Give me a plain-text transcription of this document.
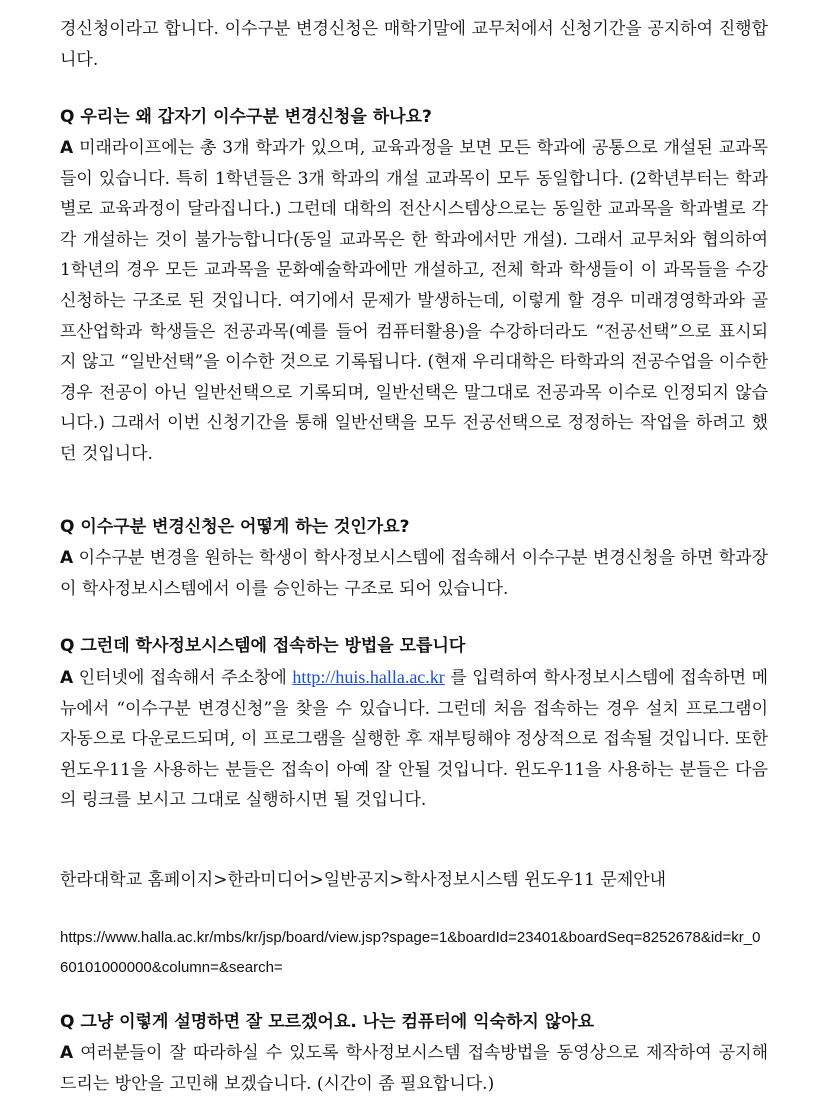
경신청이라고 합니다. 이수구분 변경신청은 매학기말에 교무처에서 신청기간을 공지하여 진행합니다.

Q 우리는 왜 갑자기 이수구분 변경신청을 하나요?

A 미래라이프에는 총 3개 학과가 있으며, 교육과정을 보면 모든 학과에 공통으로 개설된 교과목들이 있습니다. 특히 1학년들은 3개 학과의 개설 교과목이 모두 동일합니다. (2학년부터는 학과별로 교육과정이 달라집니다.) 그런데 대학의 전산시스템상으로는 동일한 교과목을 학과별로 각각 개설하는 것이 불가능합니다(동일 교과목은 한 학과에서만 개설). 그래서 교무처와 협의하여 1학년의 경우 모든 교과목을 문화예술학과에만 개설하고, 전체 학과 학생들이 이 과목들을 수강신청하는 구조로 된 것입니다. 여기에서 문제가 발생하는데, 이렇게 할 경우 미래경영학과와 골프산업학과 학생들은 전공과목(예를 들어 컴퓨터활용)을 수강하더라도 “전공선택”으로 표시되지 않고 “일반선택”을 이수한 것으로 기록됩니다. (현재 우리대학은 타학과의 전공수업을 이수한 경우 전공이 아닌 일반선택으로 기록되며, 일반선택은 말그대로 전공과목 이수로 인정되지 않습니다.) 그래서 이번 신청기간을 통해 일반선택을 모두 전공선택으로 정정하는 작업을 하려고 했던 것입니다.

Q 이수구분 변경신청은 어떻게 하는 것인가요?

A 이수구분 변경을 원하는 학생이 학사정보시스템에 접속해서 이수구분 변경신청을 하면 학과장이 학사정보시스템에서 이를 승인하는 구조로 되어 있습니다.

Q 그런데 학사정보시스템에 접속하는 방법을 모릅니다

A 인터넷에 접속해서 주소창에 http://huis.halla.ac.kr 를 입력하여 학사정보시스템에 접속하면 메뉴에서 “이수구분 변경신청”을 찾을 수 있습니다. 그런데 처음 접속하는 경우 설치 프로그램이 자동으로 다운로드되며, 이 프로그램을 실행한 후 재부팅해야 정상적으로 접속될 것입니다. 또한 윈도우11을 사용하는 분들은 접속이 아예 잘 안될 것입니다. 윈도우11을 사용하는 분들은 다음의 링크를 보시고 그대로 실행하시면 될 것입니다.

한라대학교 홈페이지>한라미디어>일반공지>학사정보시스템 윈도우11 문제안내

https://www.halla.ac.kr/mbs/kr/jsp/board/view.jsp?spage=1&boardId=23401&boardSeq=8252678&id=kr_060101000000&column=&search=

Q 그냥 이렇게 설명하면 잘 모르겠어요. 나는 컴퓨터에 익숙하지 않아요

A 여러분들이 잘 따라하실 수 있도록 학사정보시스템 접속방법을 동영상으로 제작하여 공지해 드리는 방안을 고민해 보겠습니다. (시간이 좀 필요합니다.)
